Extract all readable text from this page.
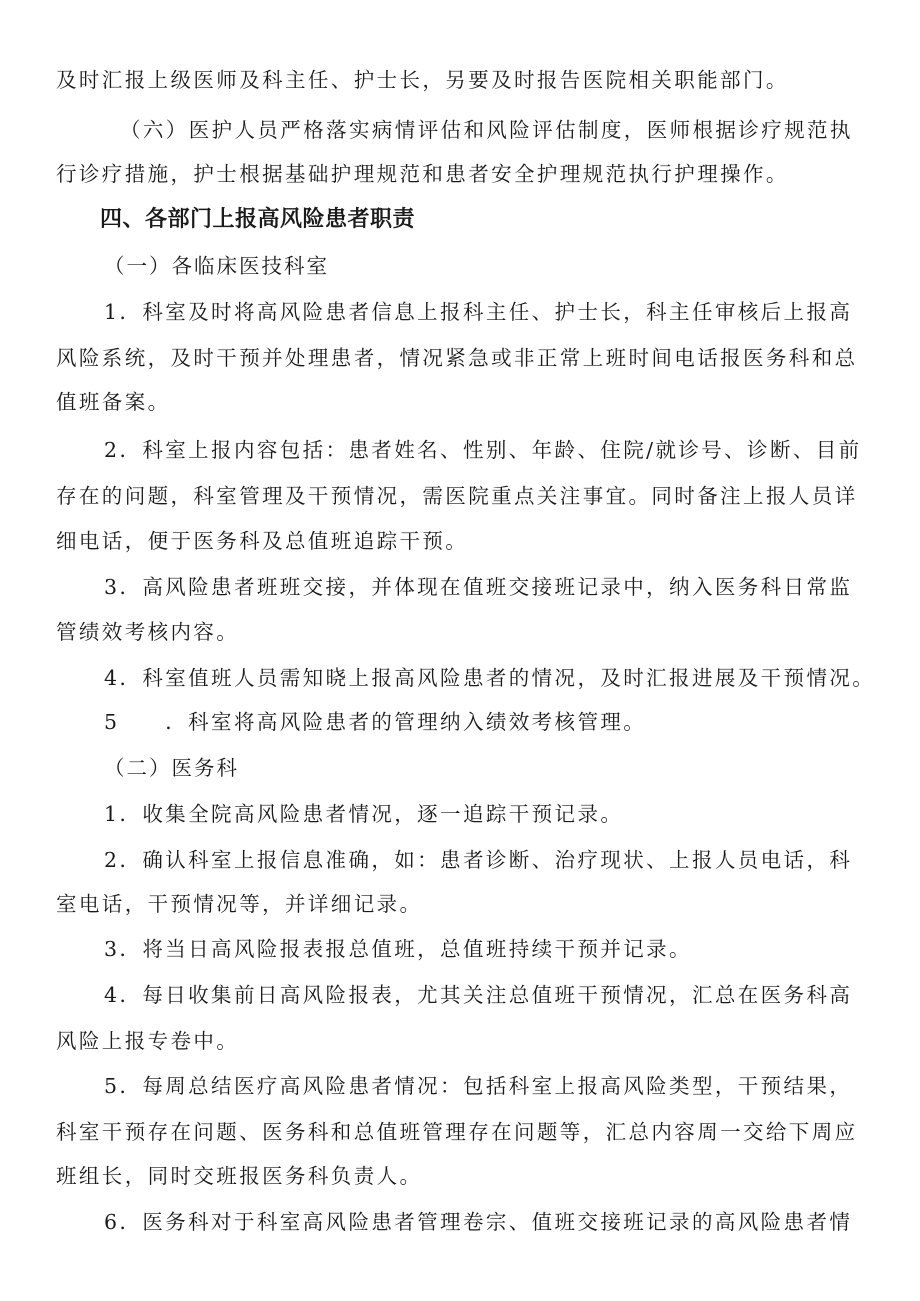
及时汇报上级医师及科主任、护士长，另要及时报告医院相关职能部门。
（六）医护人员严格落实病情评估和风险评估制度，医师根据诊疗规范执
行诊疗措施，护士根据基础护理规范和患者安全护理规范执行护理操作。
四、各部门上报高风险患者职责
（一）各临床医技科室
1．科室及时将高风险患者信息上报科主任、护士长，科主任审核后上报高
风险系统，及时干预并处理患者，情况紧急或非正常上班时间电话报医务科和总
值班备案。
2．科室上报内容包括：患者姓名、性别、年龄、住院/就诊号、诊断、目前
存在的问题，科室管理及干预情况，需医院重点关注事宜。同时备注上报人员详
细电话，便于医务科及总值班追踪干预。
3．高风险患者班班交接，并体现在值班交接班记录中，纳入医务科日常监
管绩效考核内容。
4．科室值班人员需知晓上报高风险患者的情况，及时汇报进展及干预情况。
5　　．科室将高风险患者的管理纳入绩效考核管理。
（二）医务科
1．收集全院高风险患者情况，逐一追踪干预记录。
2．确认科室上报信息准确，如：患者诊断、治疗现状、上报人员电话，科
室电话，干预情况等，并详细记录。
3．将当日高风险报表报总值班，总值班持续干预并记录。
4．每日收集前日高风险报表，尤其关注总值班干预情况，汇总在医务科高
风险上报专卷中。
5．每周总结医疗高风险患者情况：包括科室上报高风险类型，干预结果，
科室干预存在问题、医务科和总值班管理存在问题等，汇总内容周一交给下周应
班组长，同时交班报医务科负责人。
6．医务科对于科室高风险患者管理卷宗、值班交接班记录的高风险患者情
